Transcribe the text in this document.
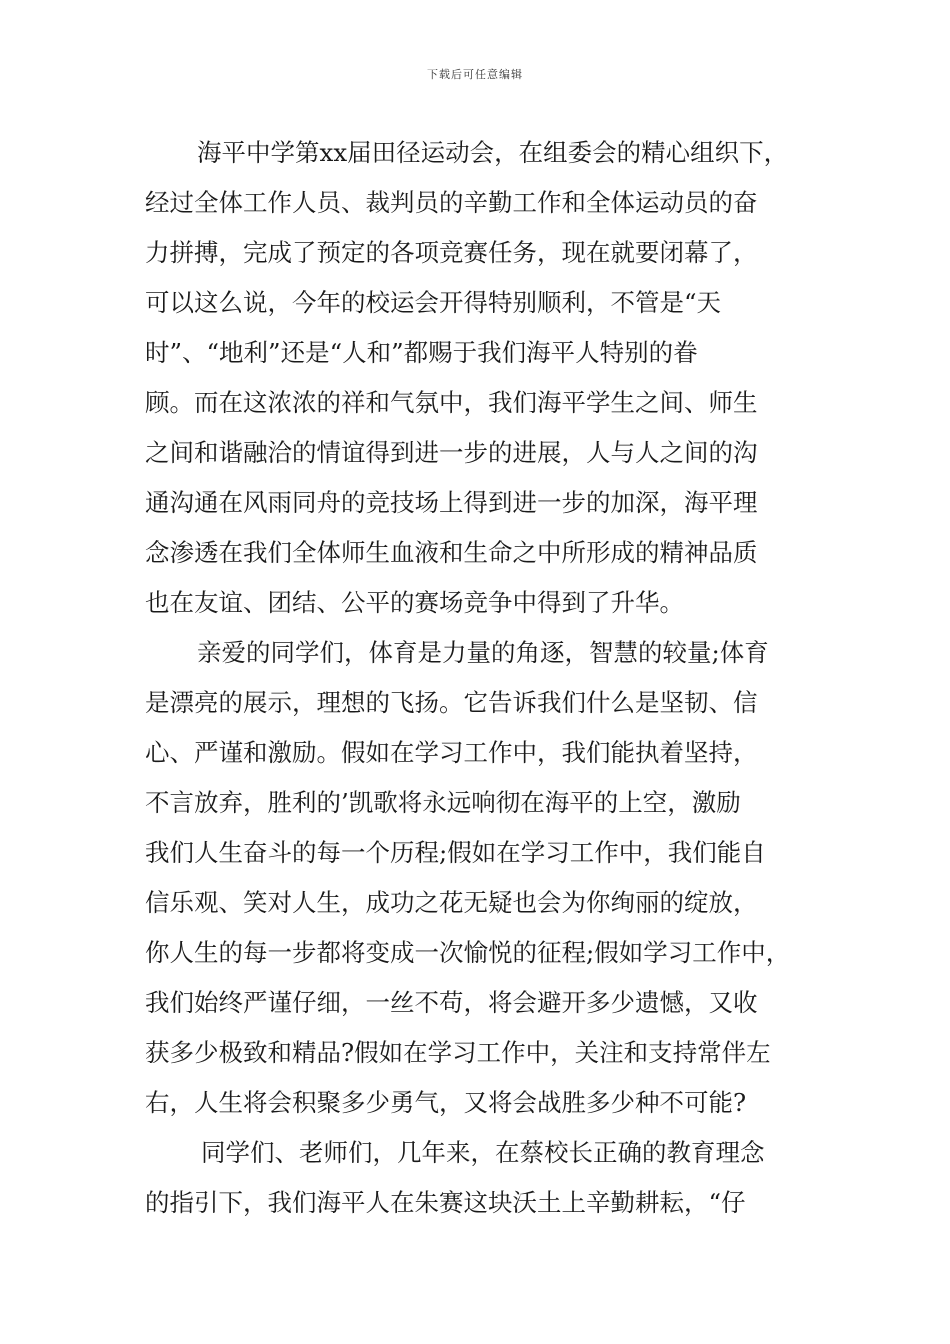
下载后可任意编辑
海平中学第xx届田径运动会，在组委会的精心组织下，
经过全体工作人员、裁判员的辛勤工作和全体运动员的奋
力拼搏，完成了预定的各项竞赛任务，现在就要闭幕了，
可以这么说，今年的校运会开得特别顺利，不管是“天
时”、“地利”还是“人和”都赐于我们海平人特别的眷
顾。而在这浓浓的祥和气氛中，我们海平学生之间、师生
之间和谐融洽的情谊得到进一步的进展，人与人之间的沟
通沟通在风雨同舟的竞技场上得到进一步的加深，海平理
念渗透在我们全体师生血液和生命之中所形成的精神品质
也在友谊、团结、公平的赛场竞争中得到了升华。
亲爱的同学们，体育是力量的角逐，智慧的较量;体育
是漂亮的展示，理想的飞扬。它告诉我们什么是坚韧、信
心、严谨和激励。假如在学习工作中，我们能执着坚持，
不言放弃，胜利的’凯歌将永远响彻在海平的上空，激励
我们人生奋斗的每一个历程;假如在学习工作中，我们能自
信乐观、笑对人生，成功之花无疑也会为你绚丽的绽放，
你人生的每一步都将变成一次愉悦的征程;假如学习工作中，
我们始终严谨仔细，一丝不苟，将会避开多少遗憾，又收
获多少极致和精品?假如在学习工作中，关注和支持常伴左
右，人生将会积聚多少勇气，又将会战胜多少种不可能?
同学们、老师们，几年来，在蔡校长正确的教育理念
的指引下，我们海平人在朱赛这块沃土上辛勤耕耘，“仔
